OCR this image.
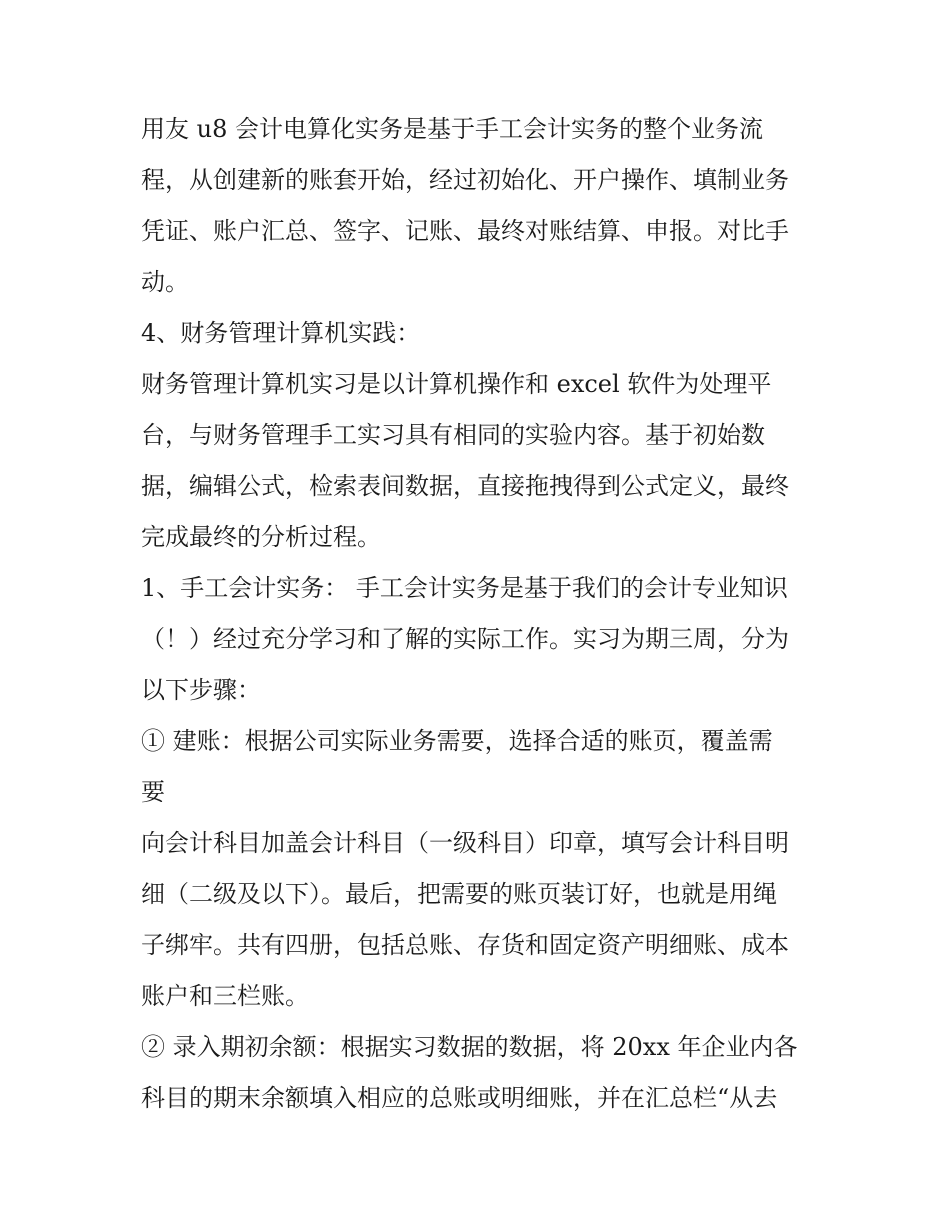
用友 u8 会计电算化实务是基于手工会计实务的整个业务流
程，从创建新的账套开始，经过初始化、开户操作、填制业务
凭证、账户汇总、签字、记账、最终对账结算、申报。对比手
动。
4、财务管理计算机实践：
财务管理计算机实习是以计算机操作和 excel 软件为处理平
台，与财务管理手工实习具有相同的实验内容。基于初始数
据，编辑公式，检索表间数据，直接拖拽得到公式定义，最终
完成最终的分析过程。
1、手工会计实务： 手工会计实务是基于我们的会计专业知识
（！）经过充分学习和了解的实际工作。实习为期三周，分为
以下步骤：
① 建账：根据公司实际业务需要，选择合适的账页，覆盖需
要
向会计科目加盖会计科目（一级科目）印章，填写会计科目明
细（二级及以下）。最后，把需要的账页装订好，也就是用绳
子绑牢。共有四册，包括总账、存货和固定资产明细账、成本
账户和三栏账。
② 录入期初余额：根据实习数据的数据，将 20xx 年企业内各
科目的期末余额填入相应的总账或明细账，并在汇总栏“从去
